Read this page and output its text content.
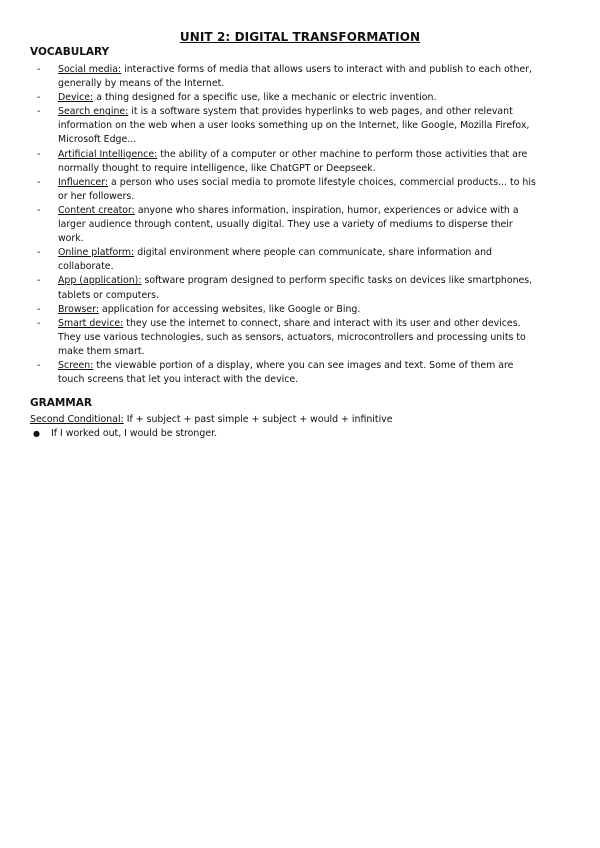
UNIT 2: DIGITAL TRANSFORMATION
VOCABULARY
- Social media: interactive forms of media that allows users to interact with and publish to each other, generally by means of the Internet.
- Device: a thing designed for a specific use, like a mechanic or electric invention.
- Search engine: it is a software system that provides hyperlinks to web pages, and other relevant information on the web when a user looks something up on the Internet, like Google, Mozilla Firefox, Microsoft Edge...
- Artificial Intelligence: the ability of a computer or other machine to perform those activities that are normally thought to require intelligence, like ChatGPT or Deepseek.
- Influencer: a person who uses social media to promote lifestyle choices, commercial products... to his or her followers.
- Content creator: anyone who shares information, inspiration, humor, experiences or advice with a larger audience through content, usually digital. They use a variety of mediums to disperse their work.
- Online platform: digital environment where people can communicate, share information and collaborate.
- App (application): software program designed to perform specific tasks on devices like smartphones, tablets or computers.
- Browser: application for accessing websites, like Google or Bing.
- Smart device: they use the internet to connect, share and interact with its user and other devices. They use various technologies, such as sensors, actuators, microcontrollers and processing units to make them smart.
- Screen: the viewable portion of a display, where you can see images and text. Some of them are touch screens that let you interact with the device.
GRAMMAR
Second Conditional: If + subject + past simple + subject + would + infinitive
● If I worked out, I would be stronger.
